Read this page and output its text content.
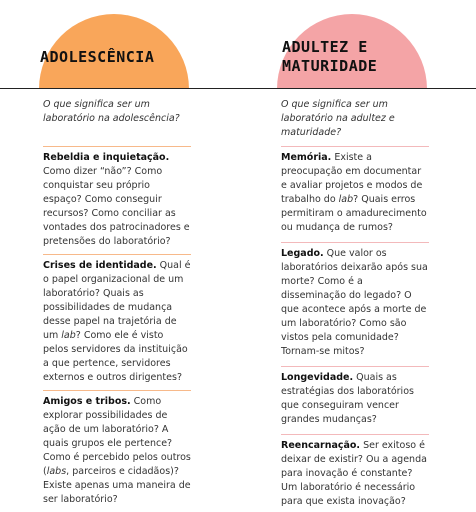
ADOLESCÊNCIA
ADULTEZ E
MATURIDADE

O que significa ser um laboratório na adolescência?

Rebeldia e inquietação. Como dizer “não”? Como conquistar seu próprio espaço? Como conseguir recursos? Como conciliar as vontades dos patrocinadores e pretensões do laboratório?

Crises de identidade. Qual é o papel organizacional de um laboratório? Quais as possibilidades de mudança desse papel na trajetória de um lab? Como ele é visto pelos servidores da instituição a que pertence, servidores externos e outros dirigentes?

Amigos e tribos. Como explorar possibilidades de ação de um laboratório? A quais grupos ele pertence? Como é percebido pelos outros (labs, parceiros e cidadãos)? Existe apenas uma maneira de ser laboratório?

O que significa ser um laboratório na adultez e maturidade?

Memória. Existe a preocupação em documentar e avaliar projetos e modos de trabalho do lab? Quais erros permitiram o amadurecimento ou mudança de rumos?

Legado. Que valor os laboratórios deixarão após sua morte? Como é a disseminação do legado? O que acontece após a morte de um laboratório? Como são vistos pela comunidade? Tornam-se mitos?

Longevidade. Quais as estratégias dos laboratórios que conseguiram vencer grandes mudanças?

Reencarnação. Ser exitoso é deixar de existir? Ou a agenda para inovação é constante? Um laboratório é necessário para que exista inovação?
